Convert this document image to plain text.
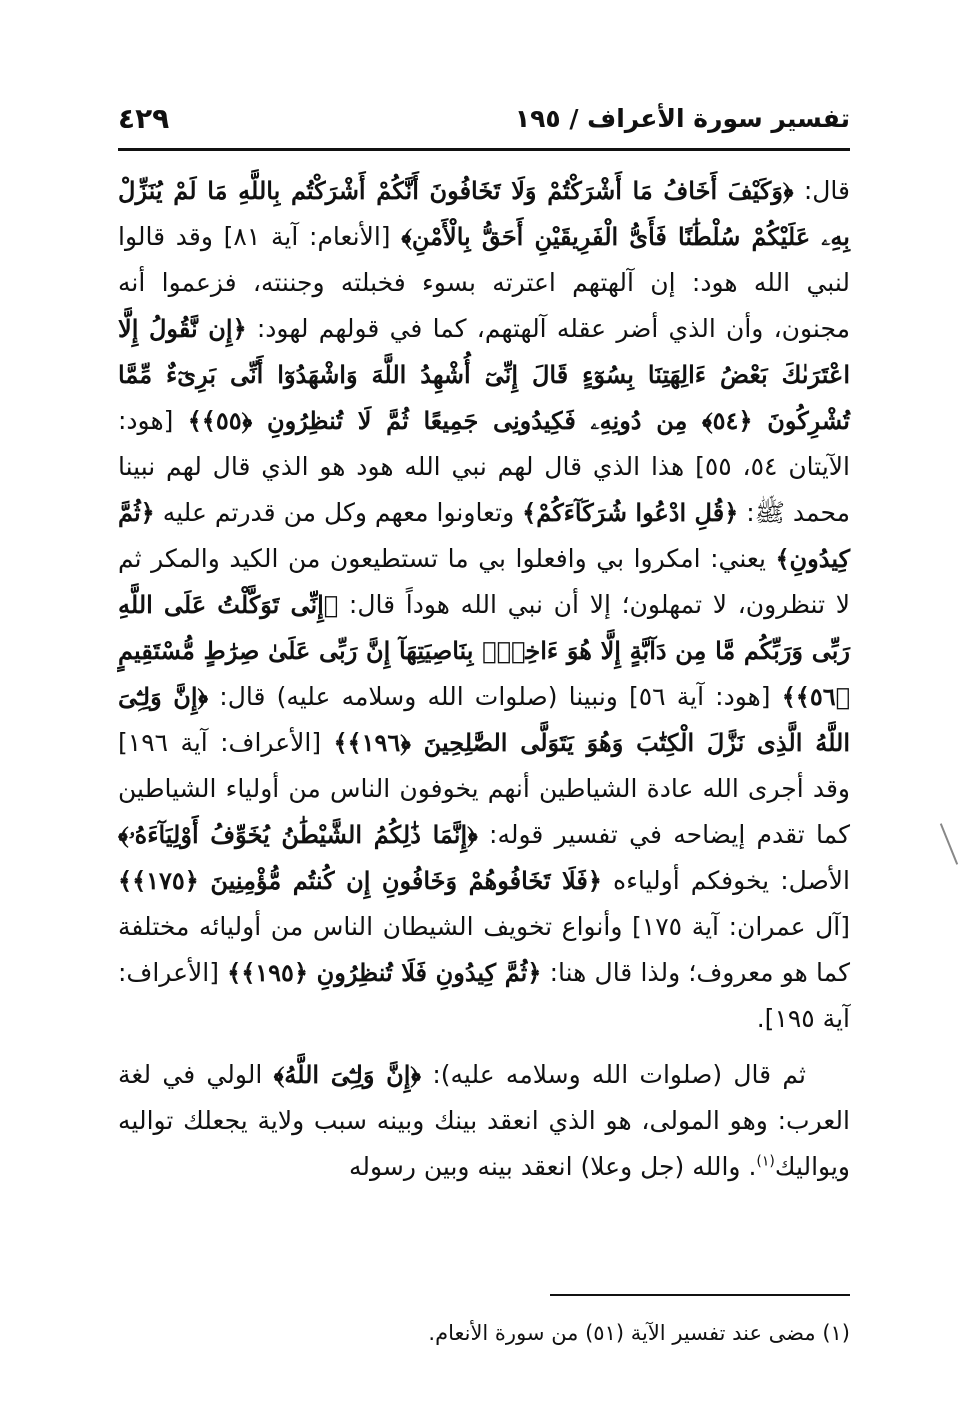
تفسير سورة الأعراف / ١٩٥
٤٢٩

قال: ﴿وَكَيْفَ أَخَافُ مَا أَشْرَكْتُمْ وَلَا تَخَافُونَ أَنَّكُمْ أَشْرَكْتُم بِاللَّهِ مَا لَمْ يُنَزِّلْ بِهِۦ عَلَيْكُمْ سُلْطَٰنًا فَأَىُّ الْفَرِيقَيْنِ أَحَقُّ بِالْأَمْنِ﴾ [الأنعام: آية ٨١] وقد قالوا لنبي الله هود: إن آلهتهم اعترته بسوء فخبلته وجننته، فزعموا أنه مجنون، وأن الذي أضر عقله آلهتهم، كما في قولهم لهود: ﴿إِن نَّقُولُ إِلَّا اعْتَرَىٰكَ بَعْضُ ءَالِهَتِنَا بِسُوٓءٍ قَالَ إِنِّىٓ أُشْهِدُ اللَّهَ وَاشْهَدُوٓا أَنِّى بَرِىٓءٌ مِّمَّا تُشْرِكُونَ ﴿٥٤﴾ مِن دُونِهِۦ فَكِيدُونِى جَمِيعًا ثُمَّ لَا تُنظِرُونِ ﴿٥٥﴾﴾ [هود: الآيتان ٥٤، ٥٥] هذا الذي قال لهم نبي الله هود هو الذي قال لهم نبينا محمد ﷺ: ﴿قُلِ ادْعُوا شُرَكَآءَكُمْ﴾ وتعاونوا معهم وكل من قدرتم عليه ﴿ثُمَّ كِيدُونِ﴾ يعني: امكروا بي وافعلوا بي ما تستطيعون من الكيد والمكر ثم لا تنظرون، لا تمهلون؛ إلا أن نبي الله هوداً قال: ﴿إِنِّى تَوَكَّلْتُ عَلَى اللَّهِ رَبِّى وَرَبِّكُم مَّا مِن دَآبَّةٍ إِلَّا هُوَ ءَاخِذٌۢ بِنَاصِيَتِهَآ إِنَّ رَبِّى عَلَىٰ صِرَٰطٍ مُّسْتَقِيمٍ ﴿٥٦﴾﴾ [هود: آية ٥٦] ونبينا (صلوات الله وسلامه عليه) قال: ﴿إِنَّ وَلِـِّۧىَ اللَّهُ الَّذِى نَزَّلَ الْكِتَٰبَ وَهُوَ يَتَوَلَّى الصَّٰلِحِينَ ﴿١٩٦﴾﴾ [الأعراف: آية ١٩٦] وقد أجرى الله عادة الشياطين أنهم يخوفون الناس من أولياء الشياطين كما تقدم إيضاحه في تفسير قوله: ﴿إِنَّمَا ذَٰلِكُمُ الشَّيْطَٰنُ يُخَوِّفُ أَوْلِيَآءَهُۥ﴾ الأصل: يخوفكم أولياءه ﴿فَلَا تَخَافُوهُمْ وَخَافُونِ إِن كُنتُم مُّؤْمِنِينَ ﴿١٧٥﴾﴾ [آل عمران: آية ١٧٥] وأنواع تخويف الشيطان الناس من أوليائه مختلفة كما هو معروف؛ ولذا قال هنا: ﴿ثُمَّ كِيدُونِ فَلَا تُنظِرُونِ ﴿١٩٥﴾﴾ [الأعراف: آية ١٩٥].

ثم قال (صلوات الله وسلامه عليه): ﴿إِنَّ وَلِـِّۧىَ اللَّهُ﴾ الولي في لغة العرب: وهو المولى، هو الذي انعقد بينك وبينه سبب ولاية يجعلك تواليه ويواليك$^{(١)}$. والله (جل وعلا) انعقد بينه وبين رسوله

(١) مضى عند تفسير الآية (٥١) من سورة الأنعام.
